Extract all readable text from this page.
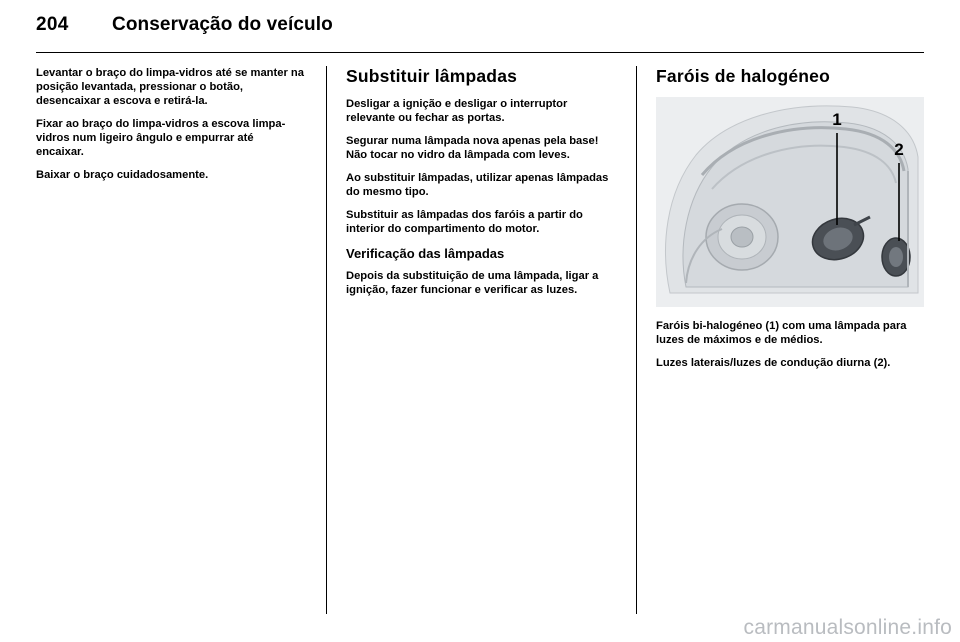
204 Conservação do veículo

Levantar o braço do limpa-vidros até se manter na posição levantada, pressionar o botão, desencaixar a escova e retirá-la.

Fixar ao braço do limpa-vidros a escova limpa-vidros num ligeiro ângulo e empurrar até encaixar.

Baixar o braço cuidadosamente.

Substituir lâmpadas

Desligar a ignição e desligar o interruptor relevante ou fechar as portas.

Segurar numa lâmpada nova apenas pela base! Não tocar no vidro da lâmpada com leves.

Ao substituir lâmpadas, utilizar apenas lâmpadas do mesmo tipo.

Substituir as lâmpadas dos faróis a partir do interior do compartimento do motor.

Verificação das lâmpadas

Depois da substituição de uma lâmpada, ligar a ignição, fazer funcionar e verificar as luzes.

Faróis de halogéneo
1
2

Faróis bi-halogéneo (1) com uma lâmpada para luzes de máximos e de médios.

Luzes laterais/luzes de condução diurna (2).

carmanualsonline.info
